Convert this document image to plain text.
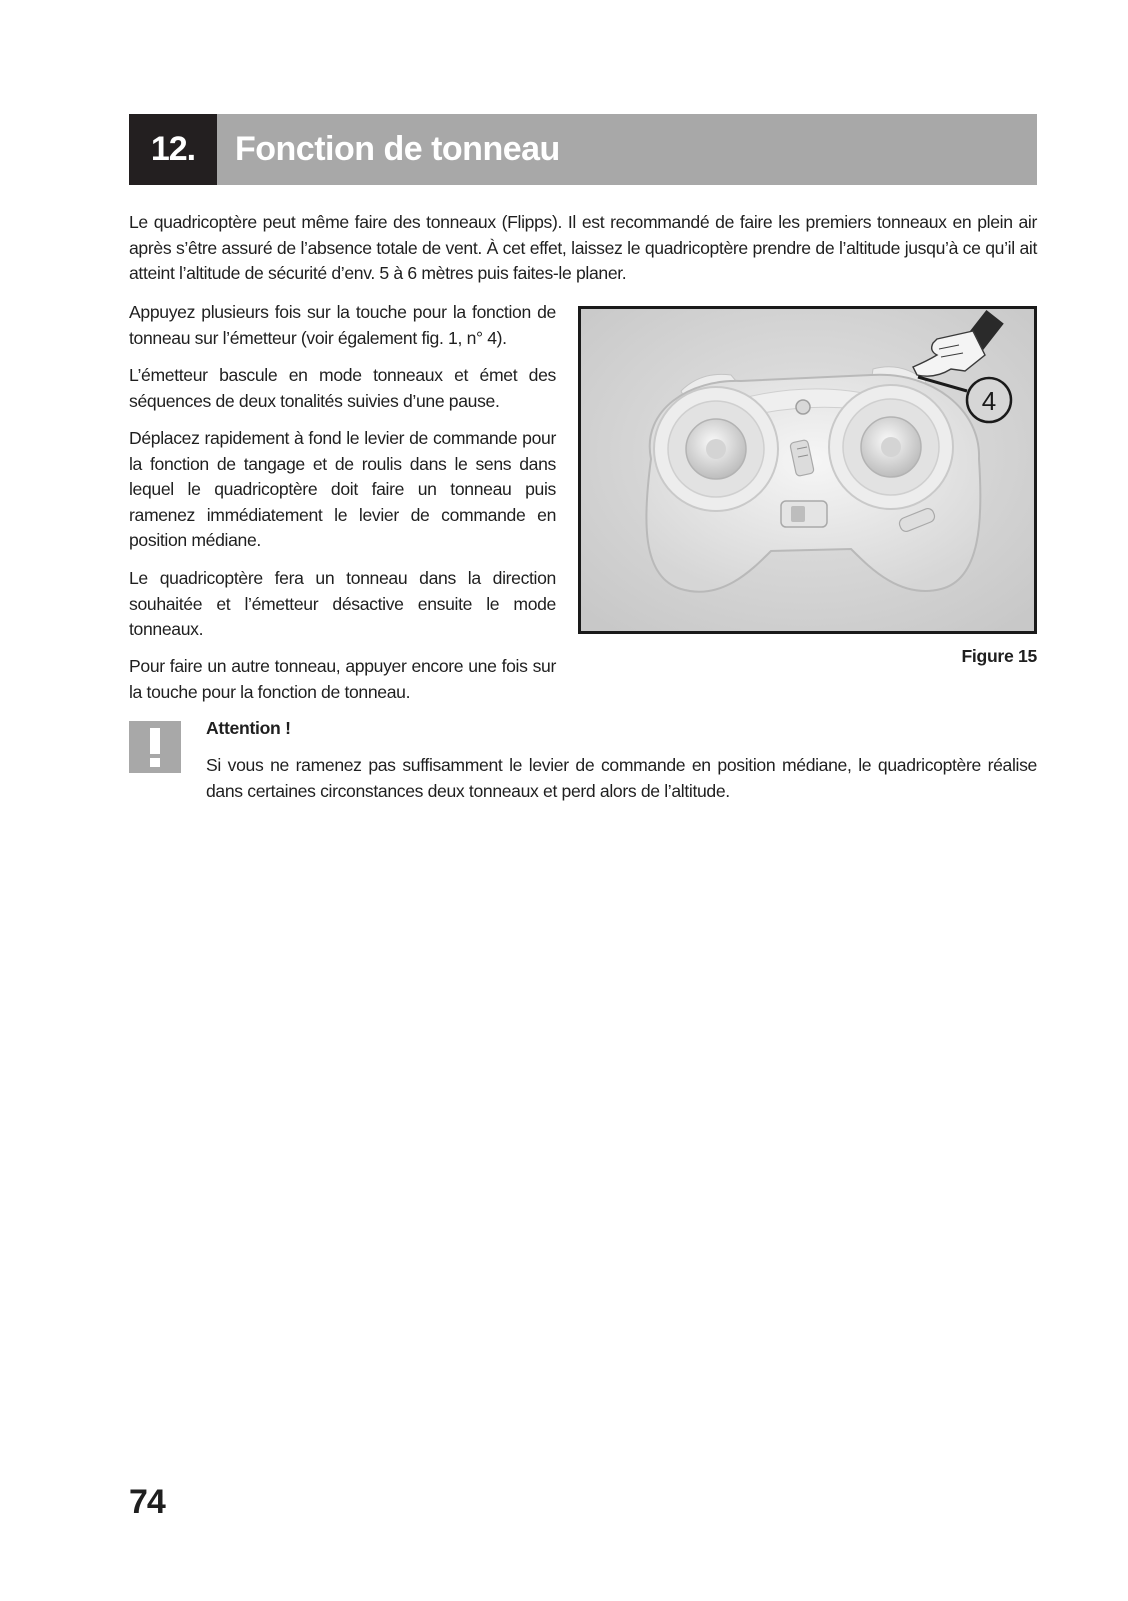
12.	Fonction de tonneau

Le quadricoptère peut même faire des tonneaux (Flipps). Il est recommandé de faire les premiers tonneaux en plein air après s’être assuré de l’absence totale de vent. À cet effet, laissez le quadricoptère prendre de l’altitude jusqu’à ce qu’il ait atteint l’altitude de sécurité d’env. 5 à 6 mètres puis faites-le planer.

Appuyez plusieurs fois sur la touche pour la fonction de tonneau sur l’émetteur (voir également fig. 1, n° 4).

L’émetteur bascule en mode tonneaux et émet des séquences de deux tonalités suivies d’une pause.

Déplacez rapidement à fond le levier de commande pour la fonction de tangage et de roulis dans le sens dans lequel le quadricoptère doit faire un tonneau puis ramenez immédiatement le levier de commande en position médiane.

Le quadricoptère fera un tonneau dans la direction souhaitée et l’émetteur désactive ensuite le mode tonneaux.

Pour faire un autre tonneau, appuyer encore une fois sur la touche pour la fonction de tonneau.

4
Figure 15
Attention !

Si vous ne ramenez pas suffisamment le levier de commande en position médiane, le quadricoptère réalise dans certaines circonstances deux tonneaux et perd alors de l’altitude.

74
